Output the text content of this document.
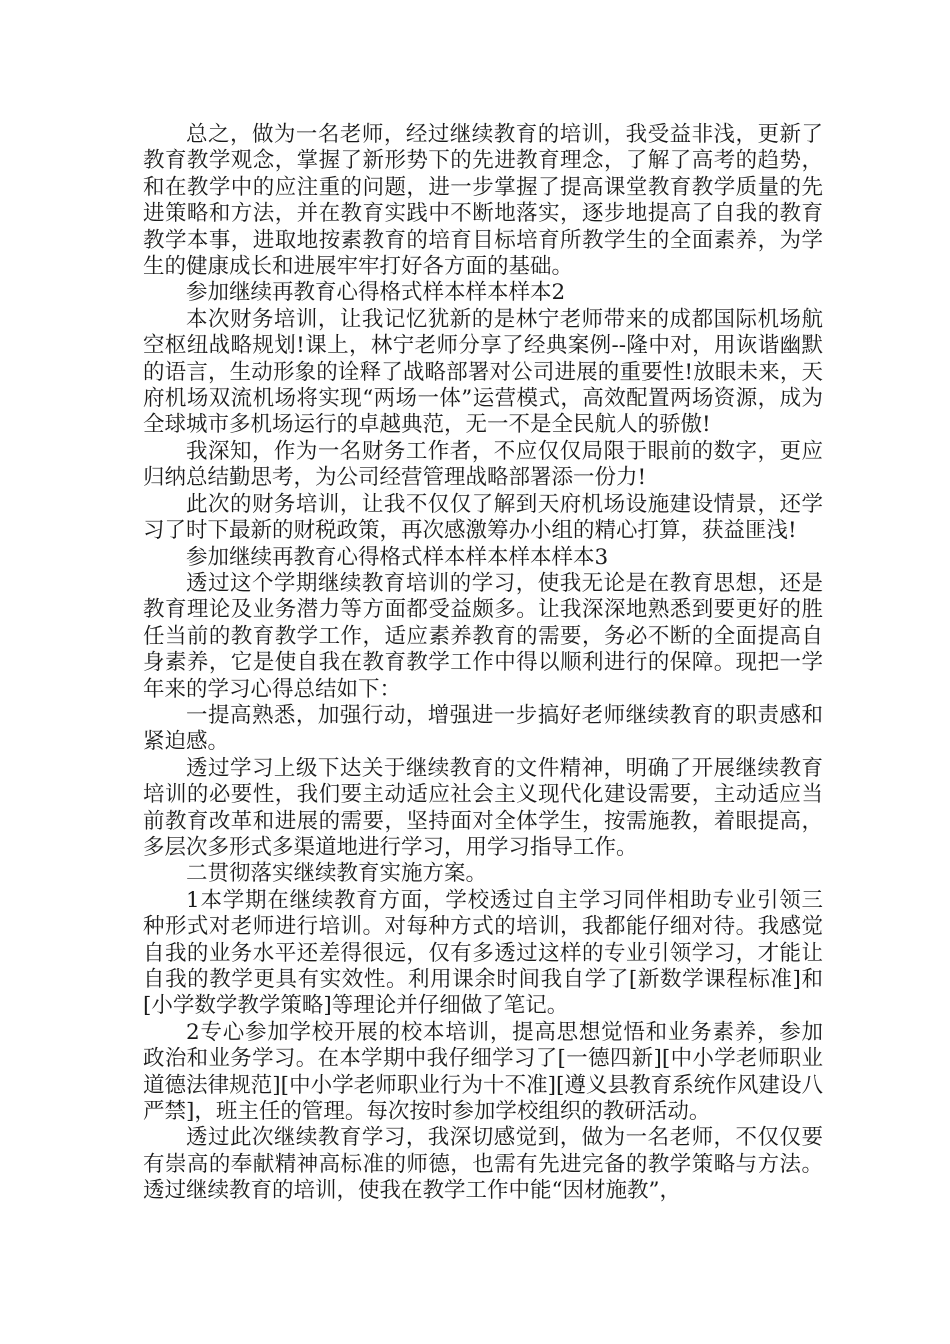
总之，做为一名老师，经过继续教育的培训，我受益非浅，更新了教育教学观念，掌握了新形势下的先进教育理念，了解了高考的趋势，和在教学中的应注重的问题，进一步掌握了提高课堂教育教学质量的先进策略和方法，并在教育实践中不断地落实，逐步地提高了自我的教育教学本事，进取地按素教育的培育目标培育所教学生的全面素养，为学生的健康成长和进展牢牢打好各方面的基础。

参加继续再教育心得格式样本样本样本2

本次财务培训，让我记忆犹新的是林宁老师带来的成都国际机场航空枢纽战略规划!课上，林宁老师分享了经典案例--隆中对，用诙谐幽默的语言，生动形象的诠释了战略部署对公司进展的重要性!放眼未来，天府机场双流机场将实现“两场一体”运营模式，高效配置两场资源，成为全球城市多机场运行的卓越典范，无一不是全民航人的骄傲!

我深知，作为一名财务工作者，不应仅仅局限于眼前的数字，更应归纳总结勤思考，为公司经营管理战略部署添一份力!

此次的财务培训，让我不仅仅了解到天府机场设施建设情景，还学习了时下最新的财税政策，再次感激筹办小组的精心打算，获益匪浅!

参加继续再教育心得格式样本样本样本样本3

透过这个学期继续教育培训的学习，使我无论是在教育思想，还是教育理论及业务潜力等方面都受益颇多。让我深深地熟悉到要更好的胜任当前的教育教学工作，适应素养教育的需要，务必不断的全面提高自身素养，它是使自我在教育教学工作中得以顺利进行的保障。现把一学年来的学习心得总结如下：

一提高熟悉，加强行动，增强进一步搞好老师继续教育的职责感和紧迫感。

透过学习上级下达关于继续教育的文件精神，明确了开展继续教育培训的必要性，我们要主动适应社会主义现代化建设需要，主动适应当前教育改革和进展的需要，坚持面对全体学生，按需施教，着眼提高，多层次多形式多渠道地进行学习，用学习指导工作。

二贯彻落实继续教育实施方案。

1本学期在继续教育方面，学校透过自主学习同伴相助专业引领三种形式对老师进行培训。对每种方式的培训，我都能仔细对待。我感觉自我的业务水平还差得很远，仅有多透过这样的专业引领学习，才能让自我的教学更具有实效性。利用课余时间我自学了[新数学课程标准]和[小学数学教学策略]等理论并仔细做了笔记。

2专心参加学校开展的校本培训，提高思想觉悟和业务素养，参加政治和业务学习。在本学期中我仔细学习了[一德四新][中小学老师职业道德法律规范][中小学老师职业行为十不准][遵义县教育系统作风建设八严禁]，班主任的管理。每次按时参加学校组织的教研活动。

透过此次继续教育学习，我深切感觉到，做为一名老师，不仅仅要有崇高的奉献精神高标准的师德，也需有先进完备的教学策略与方法。透过继续教育的培训，使我在教学工作中能“因材施教”，
